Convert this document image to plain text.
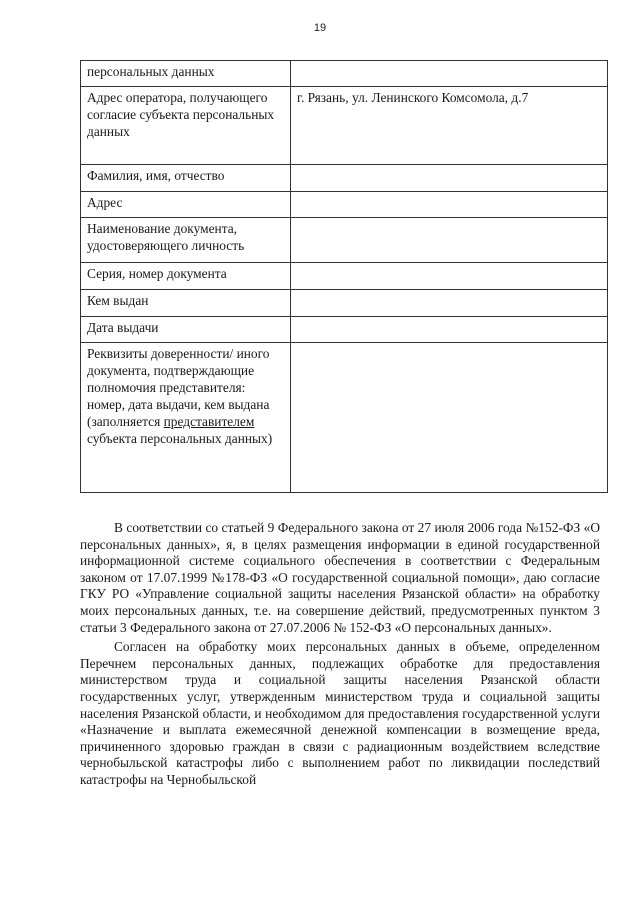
19
персональных данных	
Адрес оператора, получающего согласие субъекта персональных данных	г. Рязань, ул. Ленинского Комсомола, д.7
Фамилия, имя, отчество	
Адрес	
Наименование документа, удостоверяющего личность	
Серия, номер документа	
Кем выдан	
Дата выдачи	
Реквизиты доверенности/ иного документа, подтверждающие полномочия представителя: номер, дата выдачи, кем выдана (заполняется представителем субъекта персональных данных)	

В соответствии со статьей 9 Федерального закона от 27 июля 2006 года №152-ФЗ «О персональных данных», я, в целях размещения информации в единой государственной информационной системе социального обеспечения в соответствии с Федеральным законом от 17.07.1999 №178-ФЗ «О государственной социальной помощи», даю согласие ГКУ РО «Управление социальной защиты населения Рязанской области» на обработку моих персональных данных, т.е. на совершение действий, предусмотренных пунктом 3 статьи 3 Федерального закона от 27.07.2006 № 152-ФЗ «О персональных данных».

Согласен на обработку моих персональных данных в объеме, определенном Перечнем персональных данных, подлежащих обработке для предоставления министерством труда и социальной защиты населения Рязанской области государственных услуг, утвержденным министерством труда и социальной защиты населения Рязанской области, и необходимом для предоставления государственной услуги «Назначение и выплата ежемесячной денежной компенсации в возмещение вреда, причиненного здоровью граждан в связи с радиационным воздействием вследствие чернобыльской катастрофы либо с выполнением работ по ликвидации последствий катастрофы на Чернобыльской
